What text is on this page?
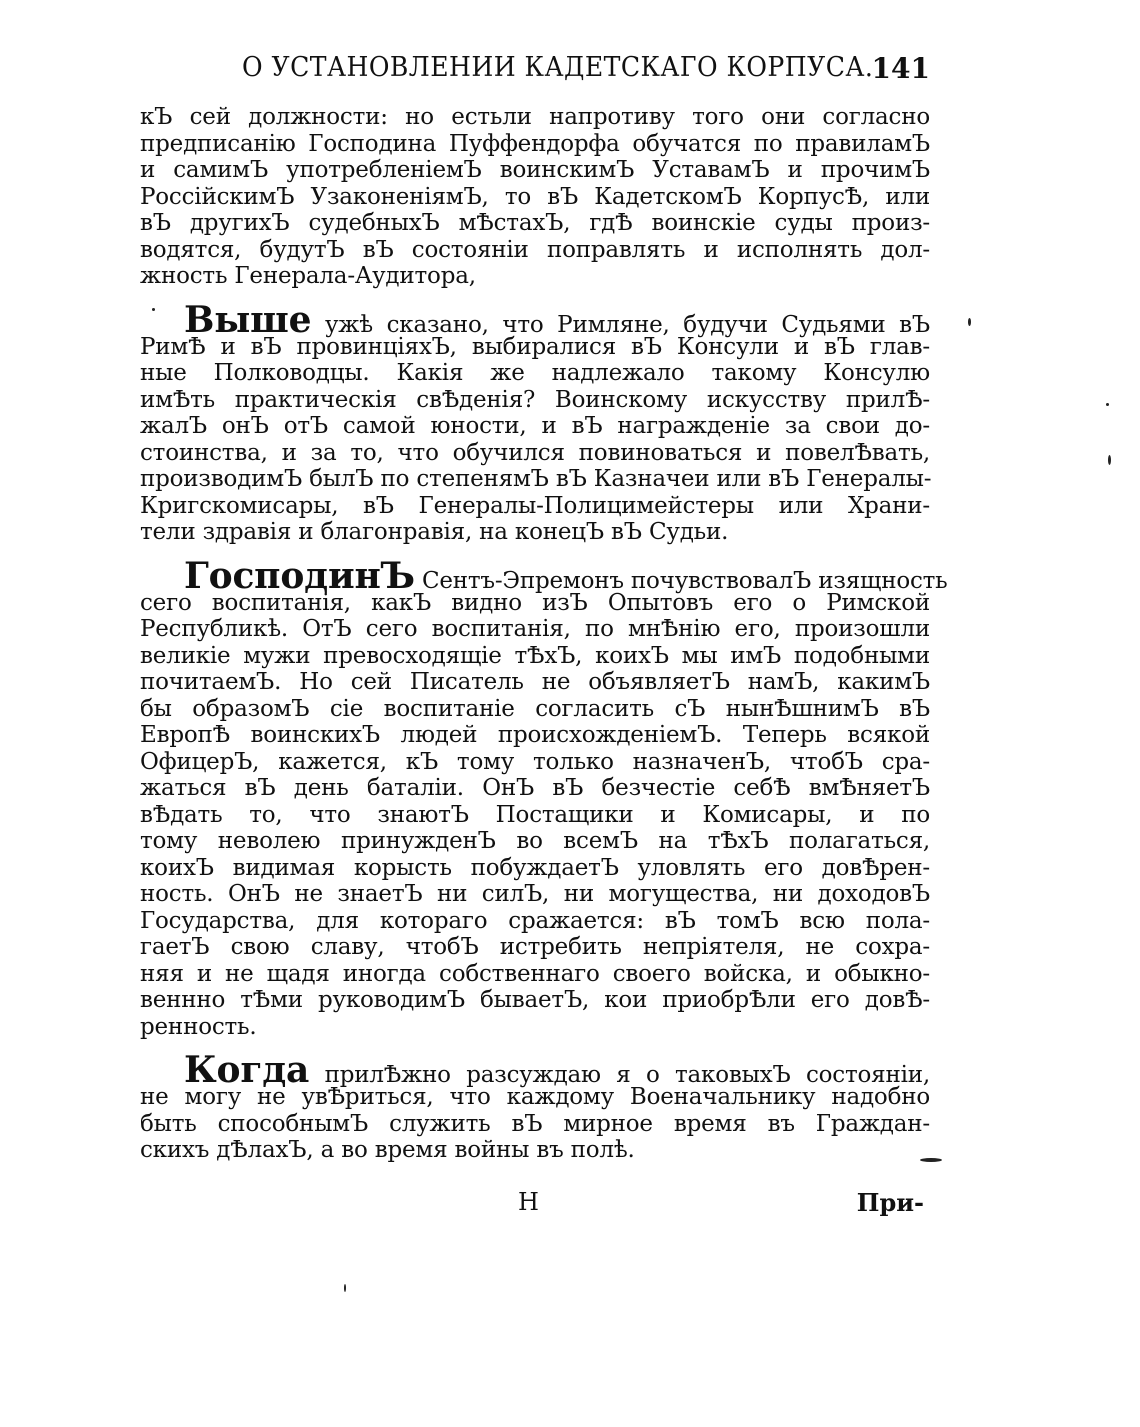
О УСТАНОВЛЕНИИ КАДЕТСКАГО КОРПУСА.
141
кЪ сей должности: но естьли напротиву того они согласно
предписанію Господина Пуффендорфа обучатся по правиламЪ
и самимЪ употребленіемЪ воинскимЪ УставамЪ и прочимЪ
РоссійскимЪ УзаконеніямЪ, то вЪ КадетскомЪ КорпусѢ, или
вЪ другихЪ судебныхЪ мѢстахЪ, гдѢ воинскіе суды произ-
водятся, будутЪ вЪ состояніи поправлять и исполнять дол-
жность Генерала-Аудитора,
Выше ужѣ сказано, что Римляне, будучи Судьями вЪ
РимѢ и вЪ провинціяхЪ, выбиралися вЪ Консули и вЪ глав-
ные Полководцы. Какія же надлежало такому Консулю
имѢть практическія свѢденія? Воинскому искусству прилѢ-
жалЪ онЪ отЪ самой юности, и вЪ награжденіе за свои до-
стоинства, и за то, что обучился повиноваться и повелѢвать,
производимЪ былЪ по степенямЪ вЪ Казначеи или вЪ Генералы-
Кригскомисары, вЪ Генералы-Полицимейстеры или Храни-
тели здравія и благонравія, на конецЪ вЪ Судьи.
ГосподинЪ Сентъ-Эпремонъ почувствовалЪ изящность
сего воспитанія, какЪ видно изЪ Опытовъ его о Римской
Республикѣ. ОтЪ сего воспитанія, по мнѢнію его, произошли
великіе мужи превосходящіе тѢхЪ, коихЪ мы имЪ подобными
почитаемЪ. Но сей Писатель не объявляетЪ намЪ, какимЪ
бы образомЪ сіе воспитаніе согласить сЪ нынѢшнимЪ вЪ
ЕвропѢ воинскихЪ людей происхожденіемЪ. Теперь всякой
ОфицерЪ, кажется, кЪ тому только назначенЪ, чтобЪ сра-
жаться вЪ день баталіи. ОнЪ вЪ безчестіе себѢ вмѢняетЪ
вѢдать то, что знаютЪ Постащики и Комисары, и по
тому неволею принужденЪ во всемЪ на тѢхЪ полагаться,
коихЪ видимая корысть побуждаетЪ уловлять его довѢрен-
ность. ОнЪ не знаетЪ ни силЪ, ни могущества, ни доходовЪ
Государства, для котораго сражается: вЪ томЪ всю пола-
гаетЪ свою славу, чтобЪ истребить непріятеля, не сохра-
няя и не щадя иногда собственнаго своего войска, и обыкно-
веннно тѢми руководимЪ бываетЪ, кои приобрѢли его довѢ-
ренность.
Когда прилѢжно разсуждаю я о таковыхЪ состояніи,
не могу не увѢриться, что каждому Военачальнику надобно
быть способнымЪ служить вЪ мирное время въ Граждан-
скихъ дѢлахЪ, а во время войны въ полѣ.
Н	При-
